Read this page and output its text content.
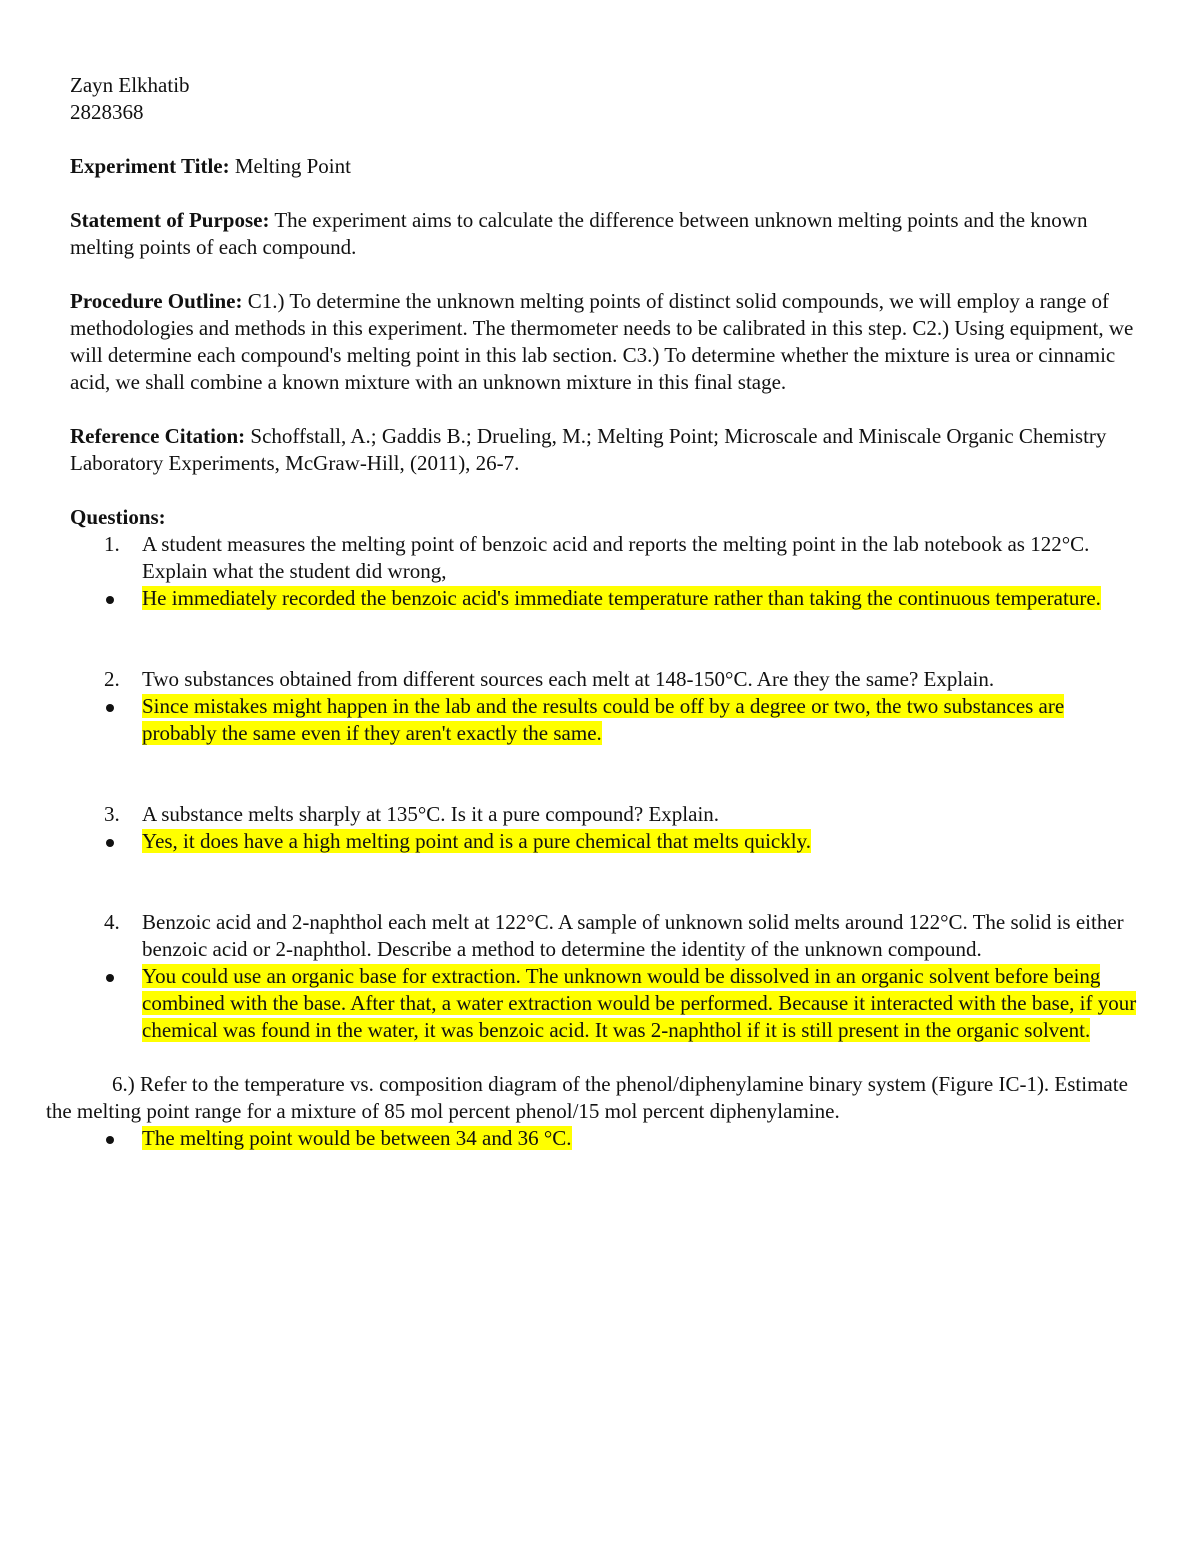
Zayn Elkhatib
2828368
Experiment Title: Melting Point
Statement of Purpose: The experiment aims to calculate the difference between unknown melting points and the known melting points of each compound.
Procedure Outline: C1.) To determine the unknown melting points of distinct solid compounds, we will employ a range of methodologies and methods in this experiment. The thermometer needs to be calibrated in this step. C2.) Using equipment, we will determine each compound's melting point in this lab section. C3.) To determine whether the mixture is urea or cinnamic acid, we shall combine a known mixture with an unknown mixture in this final stage.
Reference Citation: Schoffstall, A.; Gaddis B.; Drueling, M.; Melting Point; Microscale and Miniscale Organic Chemistry Laboratory Experiments, McGraw-Hill, (2011), 26-7.
Questions:
1. A student measures the melting point of benzoic acid and reports the melting point in the lab notebook as 122°C. Explain what the student did wrong,
He immediately recorded the benzoic acid's immediate temperature rather than taking the continuous temperature.
2. Two substances obtained from different sources each melt at 148-150°C. Are they the same? Explain.
Since mistakes might happen in the lab and the results could be off by a degree or two, the two substances are probably the same even if they aren't exactly the same.
3. A substance melts sharply at 135°C. Is it a pure compound? Explain.
Yes, it does have a high melting point and is a pure chemical that melts quickly.
4. Benzoic acid and 2-naphthol each melt at 122°C. A sample of unknown solid melts around 122°C. The solid is either benzoic acid or 2-naphthol. Describe a method to determine the identity of the unknown compound.
You could use an organic base for extraction. The unknown would be dissolved in an organic solvent before being combined with the base. After that, a water extraction would be performed. Because it interacted with the base, if your chemical was found in the water, it was benzoic acid. It was 2-naphthol if it is still present in the organic solvent.
6.) Refer to the temperature vs. composition diagram of the phenol/diphenylamine binary system (Figure IC-1). Estimate the melting point range for a mixture of 85 mol percent phenol/15 mol percent diphenylamine.
The melting point would be between 34 and 36 °C.
